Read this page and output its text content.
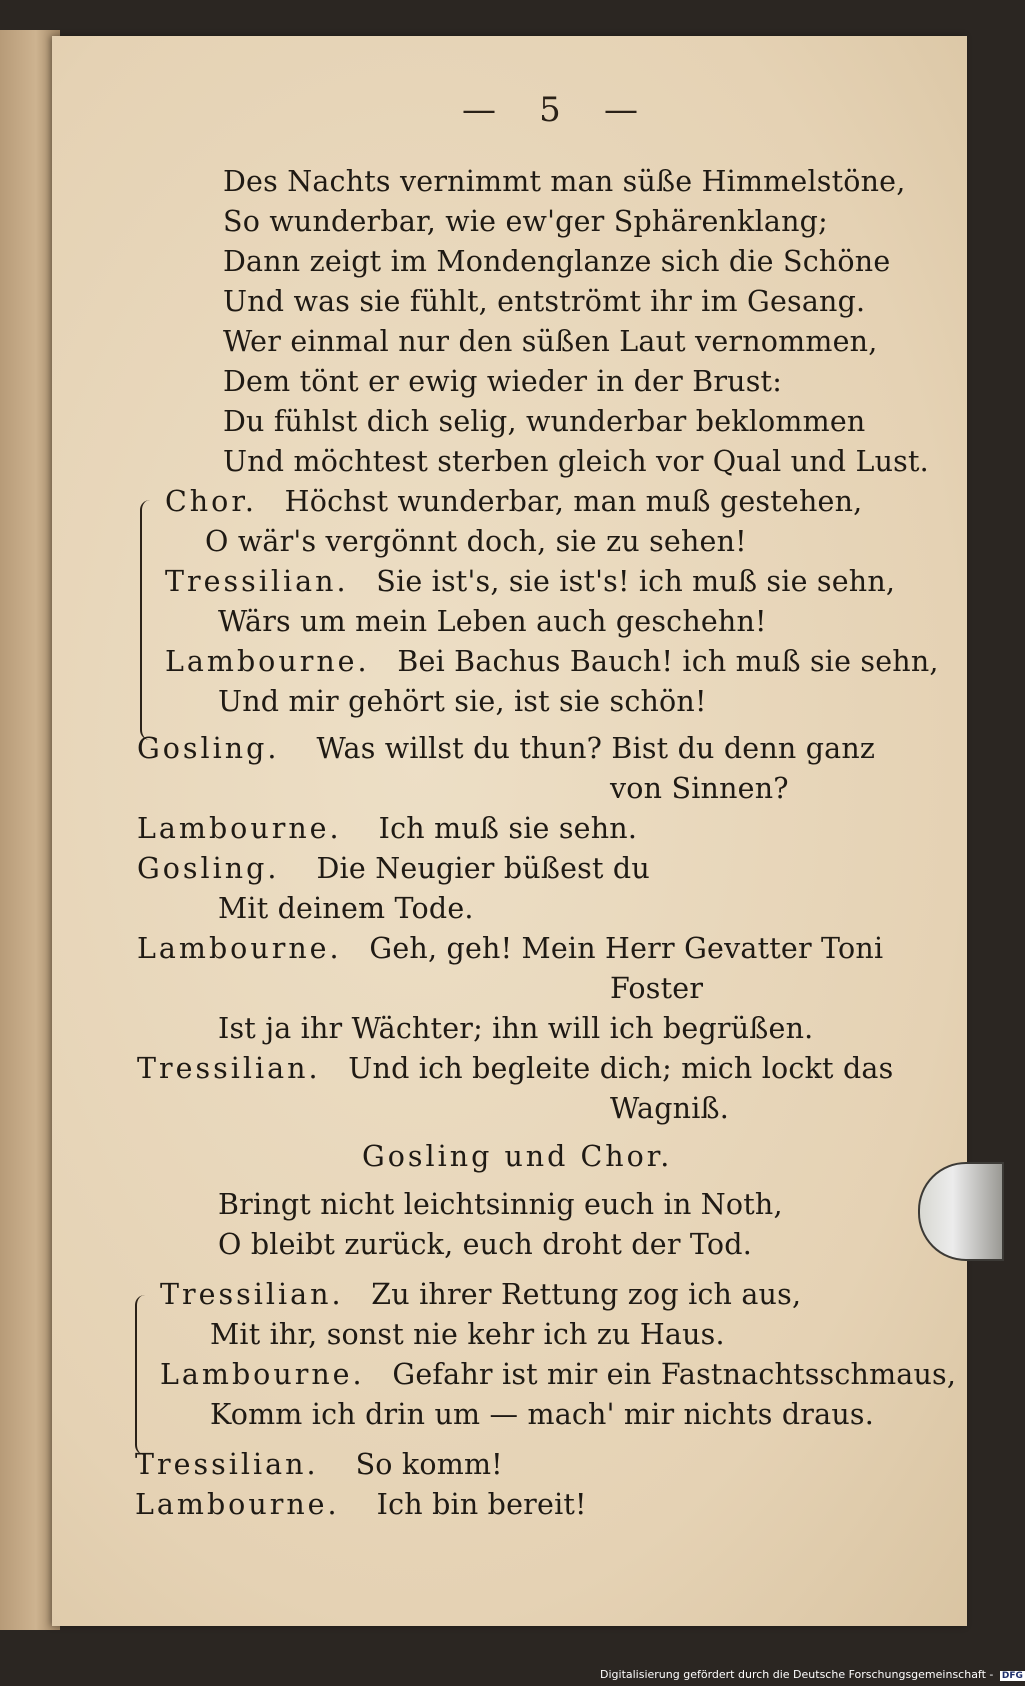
— 5 —
Des Nachts vernimmt man süße Himmelstöne,
So wunderbar, wie ew'ger Sphärenklang;
Dann zeigt im Mondenglanze sich die Schöne
Und was sie fühlt, entströmt ihr im Gesang.
Wer einmal nur den süßen Laut vernommen,
Dem tönt er ewig wieder in der Brust:
Du fühlst dich selig, wunderbar beklommen
Und möchtest sterben gleich vor Qual und Lust.
Chor. Höchst wunderbar, man muß gestehen,
O wär's vergönnt doch, sie zu sehen!
Tressilian. Sie ist's, sie ist's! ich muß sie sehn,
Wärs um mein Leben auch geschehn!
Lambourne. Bei Bachus Bauch! ich muß sie sehn,
Und mir gehört sie, ist sie schön!
Gosling. Was willst du thun? Bist du denn ganz
von Sinnen?
Lambourne. Ich muß sie sehn.
Gosling. Die Neugier büßest du
Mit deinem Tode.
Lambourne. Geh, geh! Mein Herr Gevatter Toni
Foster
Ist ja ihr Wächter; ihn will ich begrüßen.
Tressilian. Und ich begleite dich; mich lockt das
Wagniß.
Gosling und Chor.
Bringt nicht leichtsinnig euch in Noth,
O bleibt zurück, euch droht der Tod.
Tressilian. Zu ihrer Rettung zog ich aus,
Mit ihr, sonst nie kehr ich zu Haus.
Lambourne. Gefahr ist mir ein Fastnachtsschmaus,
Komm ich drin um — mach' mir nichts draus.
Tressilian. So komm!
Lambourne. Ich bin bereit!
Digitalisierung gefördert durch die Deutsche Forschungsgemeinschaft - DFG
